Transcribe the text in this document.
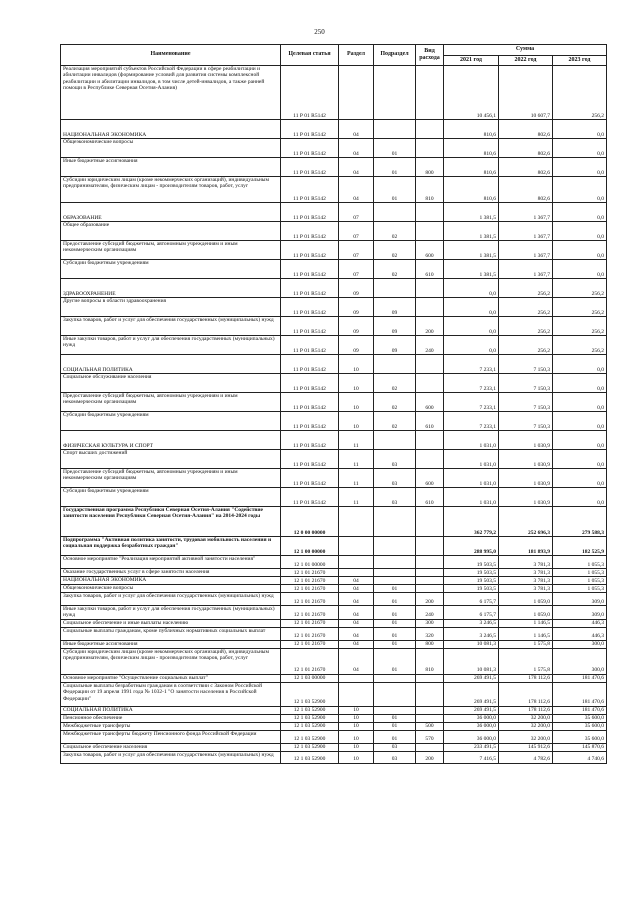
250
Наименование	Целевая статья	Раздел	Подраздел	Вид расхода	Сумма		
					2021 год	2022 год	2023 год
Реализация мероприятий субъектов Российской Федерации в сфере реабилитации и абилитации инвалидов (формирование условий для развития системы комплексной реабилитации и абилитации инвалидов, в том числе детей-инвалидов, а также ранней помощи в Республике Северная Осетия-Алания)	11 Р 01 R5142				10 456,1	10 607,7	256,2
НАЦИОНАЛЬНАЯ ЭКОНОМИКА	11 Р 01 R5142	04			810,6	802,6	0,0
Общеэкономические вопросы	11 Р 01 R5142	04	01		810,6	802,6	0,0
Иные бюджетные ассигнования	11 Р 01 R5142	04	01	800	810,6	802,6	0,0
Субсидии юридическим лицам (кроме некоммерческих организаций), индивидуальным предпринимателям, физическим лицам - производителям товаров, работ, услуг	11 Р 01 R5142	04	01	810	810,6	802,6	0,0
ОБРАЗОВАНИЕ	11 Р 01 R5142	07			1 381,5	1 367,7	0,0
Общее образование	11 Р 01 R5142	07	02		1 381,5	1 367,7	0,0
Предоставление субсидий бюджетным, автономным учреждениям и иным некоммерческим организациям	11 Р 01 R5142	07	02	600	1 381,5	1 367,7	0,0
Субсидии бюджетным учреждениям	11 Р 01 R5142	07	02	610	1 381,5	1 367,7	0,0
ЗДРАВООХРАНЕНИЕ	11 Р 01 R5142	09			0,0	256,2	256,2
Другие вопросы в области здравоохранения	11 Р 01 R5142	09	09		0,0	256,2	256,2
Закупка товаров, работ и услуг для обеспечения государственных (муниципальных) нужд	11 Р 01 R5142	09	09	200	0,0	256,2	256,2
Иные закупки товаров, работ и услуг для обеспечения государственных (муниципальных) нужд	11 Р 01 R5142	09	09	240	0,0	256,2	256,2
СОЦИАЛЬНАЯ ПОЛИТИКА	11 Р 01 R5142	10			7 233,1	7 150,3	0,0
Социальное обслуживание населения	11 Р 01 R5142	10	02		7 233,1	7 150,3	0,0
Предоставление субсидий бюджетным, автономным учреждениям и иным некоммерческим организациям	11 Р 01 R5142	10	02	600	7 233,1	7 150,3	0,0
Субсидии бюджетным учреждениям	11 Р 01 R5142	10	02	610	7 233,1	7 150,3	0,0
ФИЗИЧЕСКАЯ КУЛЬТУРА И СПОРТ	11 Р 01 R5142	11			1 031,0	1 030,9	0,0
Спорт высших достижений	11 Р 01 R5142	11	03		1 031,0	1 030,9	0,0
Предоставление субсидий бюджетным, автономным учреждениям и иным некоммерческим организациям	11 Р 01 R5142	11	03	600	1 031,0	1 030,9	0,0
Субсидии бюджетным учреждениям	11 Р 01 R5142	11	03	610	1 031,0	1 030,9	0,0
Государственная программа Республики Северная Осетия-Алания "Содействие занятости населения Республики Северная Осетия-Алания" на 2014-2024 годы	12 0 00 00000				362 779,2	252 696,3	279 588,3
Подпрограмма "Активная политика занятости, трудовая мобильность населения и социальная поддержка безработных граждан"	12 1 00 00000				288 995,0	181 893,9	182 525,9
Основное мероприятие "Реализация мероприятий активной занятости населения"	12 1 01 00000				19 503,5	3 781,3	1 055,3
Оказание государственных услуг в сфере занятости населения	12 1 01 21670				19 503,5	3 781,3	1 055,3
НАЦИОНАЛЬНАЯ ЭКОНОМИКА	12 1 01 21670	04			19 503,5	3 781,3	1 055,3
Общеэкономические вопросы	12 1 01 21670	04	01		19 503,5	3 781,3	1 055,3
Закупка товаров, работ и услуг для обеспечения государственных (муниципальных) нужд	12 1 01 21670	04	01	200	6 175,7	1 059,0	309,0
Иные закупки товаров, работ и услуг для обеспечения государственных (муниципальных) нужд	12 1 01 21670	04	01	240	6 175,7	1 059,0	309,0
Социальное обеспечение и иные выплаты населению	12 1 01 21670	04	01	300	3 246,5	1 146,5	446,3
Социальные выплаты гражданам, кроме публичных нормативных социальных выплат	12 1 01 21670	04	01	320	3 246,5	1 146,5	446,3
Иные бюджетные ассигнования	12 1 01 21670	04	01	800	10 081,3	1 575,8	300,0
Субсидии юридическим лицам (кроме некоммерческих организаций), индивидуальным предпринимателям, физическим лицам - производителям товаров, работ, услуг	12 1 01 21670	04	01	810	10 081,3	1 575,8	300,0
Основное мероприятие "Осуществление социальных выплат"	12 1 03 00000				269 491,5	178 112,6	181 470,6
Социальные выплаты безработным гражданам в соответствии с Законом Российской Федерации от 19 апреля 1991 года № 1032-1 "О занятости населения в Российской Федерации"	12 1 03 52900				269 491,5	178 112,6	181 470,6
СОЦИАЛЬНАЯ ПОЛИТИКА	12 1 03 52900	10			269 491,5	178 112,6	181 470,6
Пенсионное обеспечение	12 1 03 52900	10	01		36 000,0	32 200,0	35 600,0
Межбюджетные трансферты	12 1 03 52900	10	01	500	36 000,0	32 200,0	35 600,0
Межбюджетные трансферты бюджету Пенсионного фонда Российской Федерации	12 1 03 52900	10	01	570	36 000,0	32 200,0	35 600,0
Социальное обеспечение населения	12 1 03 52900	10	03		233 491,5	145 912,6	145 870,6
Закупка товаров, работ и услуг для обеспечения государственных (муниципальных) нужд	12 1 03 52900	10	03	200	7 416,5	4 782,6	4 740,6
